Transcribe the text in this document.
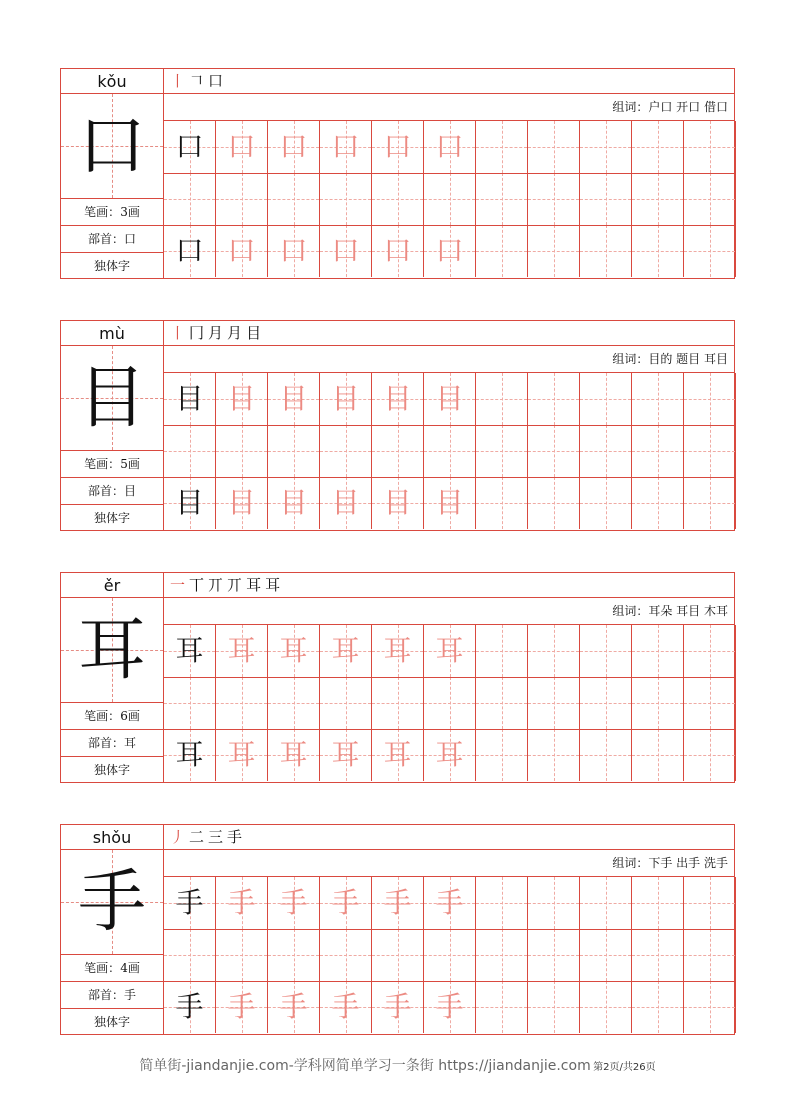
kǒu
口
笔画：3画
部首：口
独体字
丨 𠃍 口
组词：户口 开口 借口
口 口 口 口 口 口
口 口 口 口 口 口
mù
目
笔画：5画
部首：目
独体字
丨 冂 月 月 目
组词：目的 题目 耳目
目 目 目 目 目 目
目 目 目 目 目 目
ěr
耳
笔画：6画
部首：耳
独体字
一 丅 丌 丌 耳 耳
组词：耳朵 耳目 木耳
耳 耳 耳 耳 耳 耳
耳 耳 耳 耳 耳 耳
shǒu
手
笔画：4画
部首：手
独体字
丿 二 三 手
组词：下手 出手 洗手
手 手 手 手 手 手
手 手 手 手 手 手
简单街-jiandanjie.com-学科网简单学习一条街 https://jiandanjie.com 第2页/共26页
